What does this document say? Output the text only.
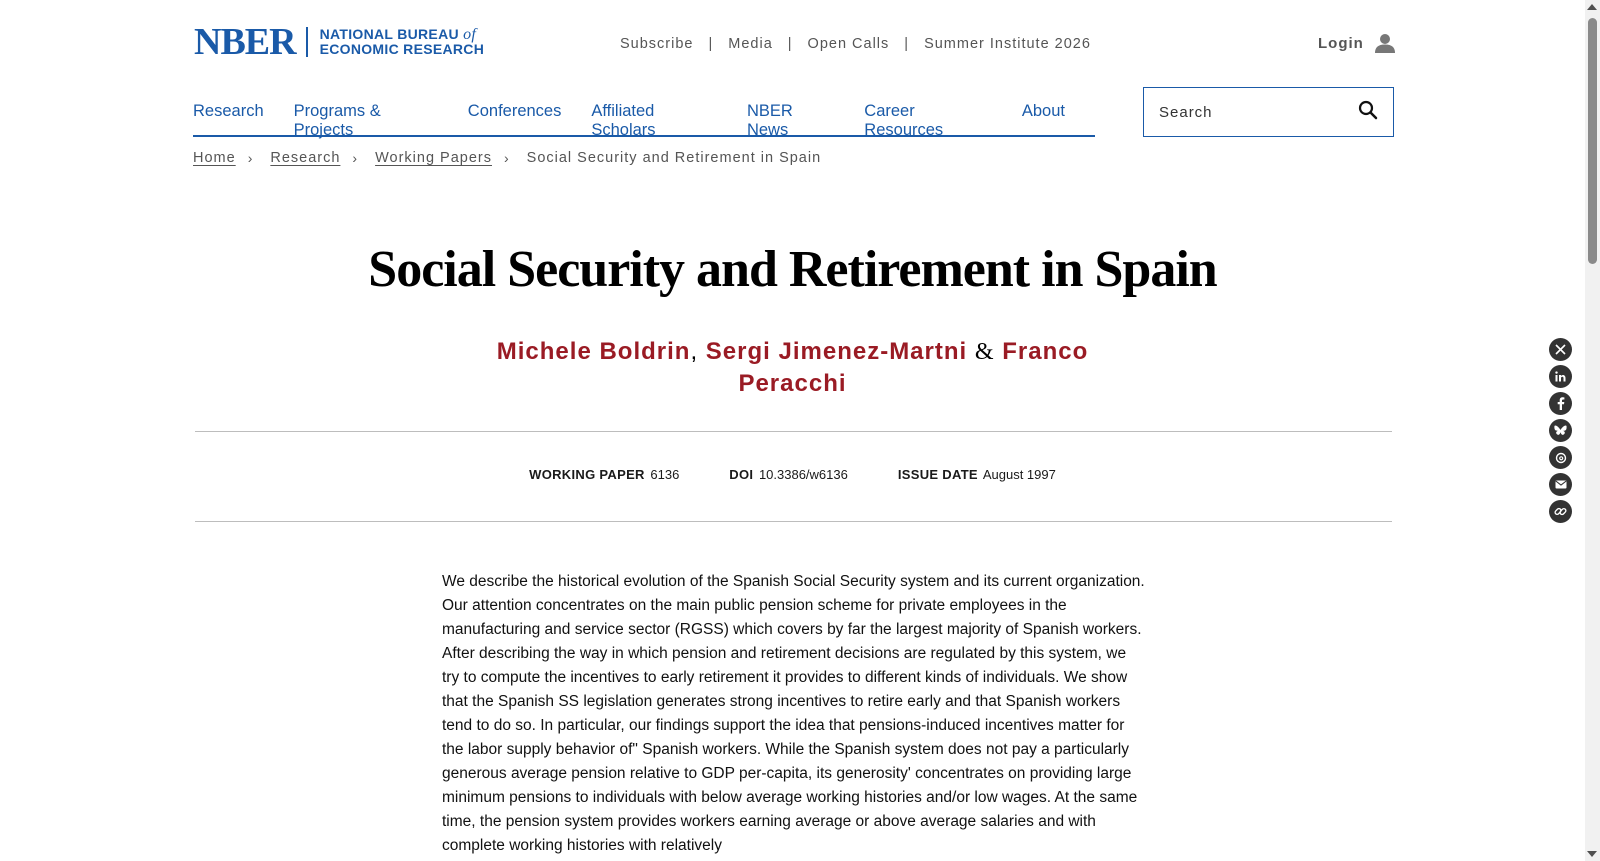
NBER NATIONAL BUREAU of
ECONOMIC RESEARCH	Subscribe | Media | Open Calls | Summer Institute 2026	Login
Research Programs & Projects
Conferences Affiliated Scholars
NBER News
Career Resources
About
Search
Home › Research › Working Papers › Social Security and Retirement in Spain
Social Security and Retirement in Spain
Michele Boldrin, Sergi Jimenez-Martni & Franco Peracchi
WORKING PAPER 6136	DOI 10.3386/w6136	ISSUE DATE August 1997

We describe the historical evolution of the Spanish Social Security system and its current organization. Our attention concentrates on the main public pension scheme for private employees in the manufacturing and service sector (RGSS) which covers by far the largest majority of Spanish workers. After describing the way in which pension and retirement decisions are regulated by this system, we try to compute the incentives to early retirement it provides to different kinds of individuals. We show that the Spanish SS legislation generates strong incentives to retire early and that Spanish workers tend to do so. In particular, our findings support the idea that pensions-induced incentives matter for the labor supply behavior of" Spanish workers. While the Spanish system does not pay a particularly generous average pension relative to GDP per-capita, its generosity' concentrates on providing large minimum pensions to individuals with below average working histories and/or low wages. At the same time, the pension system provides workers earning average or above average salaries and with complete working histories with relatively
